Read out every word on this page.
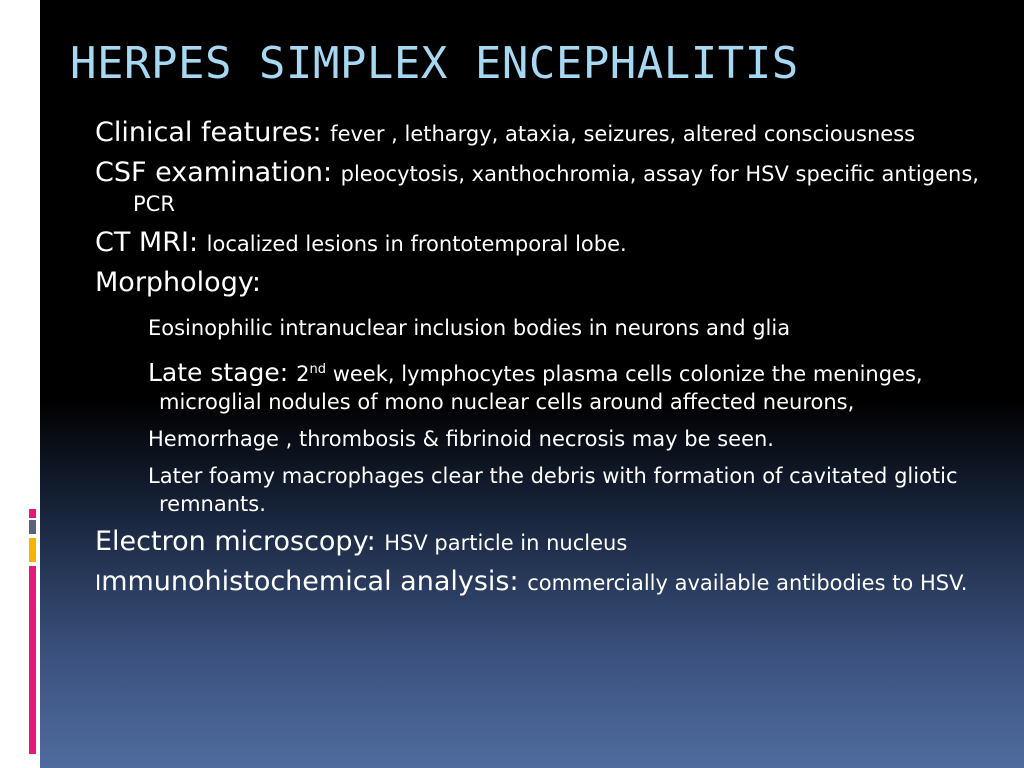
HERPES SIMPLEX ENCEPHALITIS
Clinical features: fever , lethargy, ataxia, seizures, altered consciousness
CSF examination: pleocytosis, xanthochromia, assay for HSV specific antigens, PCR
CT MRI: localized lesions in frontotemporal lobe.
Morphology:
Eosinophilic intranuclear inclusion bodies in neurons and glia
Late stage: 2nd week, lymphocytes plasma cells colonize the meninges, microglial nodules of mono nuclear cells around affected neurons,
Hemorrhage , thrombosis & fibrinoid necrosis may be seen.
Later foamy macrophages clear the debris with formation of cavitated gliotic remnants.
Electron microscopy: HSV particle in nucleus
Immunohistochemical analysis: commercially available antibodies to HSV.
